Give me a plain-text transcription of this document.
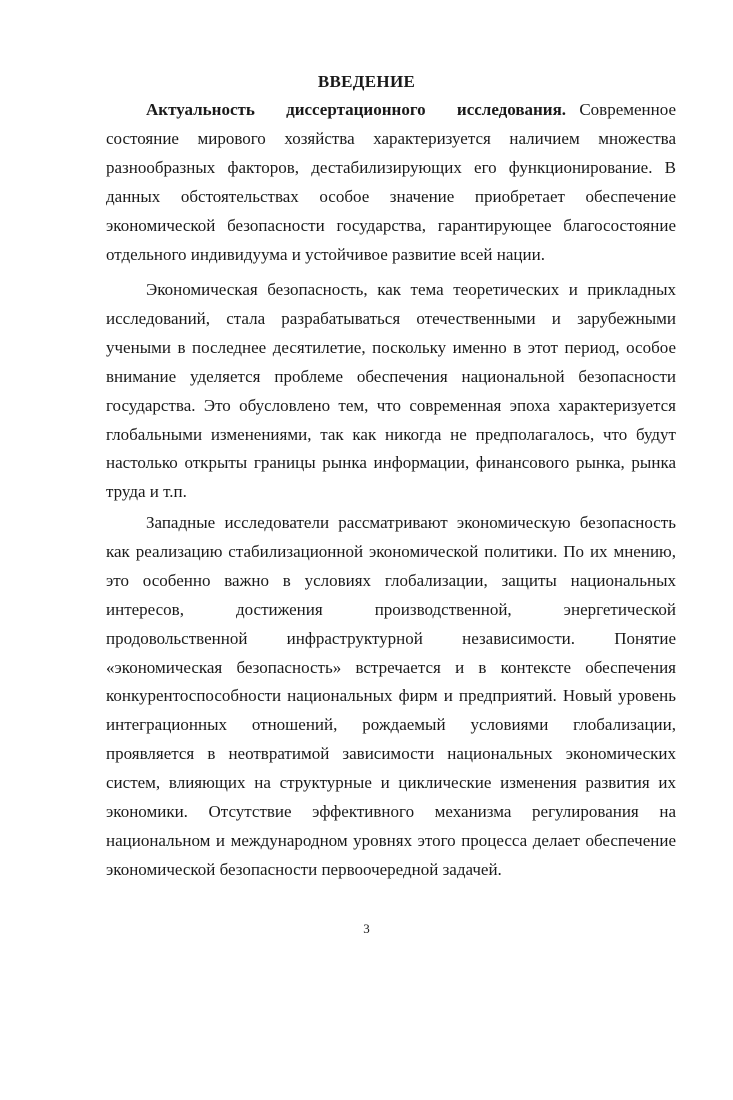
ВВЕДЕНИЕ

Актуальность диссертационного исследования. Современное состояние мирового хозяйства характеризуется наличием множества разнообразных факторов, дестабилизирующих его функционирование. В данных обстоятельствах особое значение приобретает обеспечение экономической безопасности государства, гарантирующее благосостояние отдельного индивидуума и устойчивое развитие всей нации.

Экономическая безопасность, как тема теоретических и прикладных исследований, стала разрабатываться отечественными и зарубежными учеными в последнее десятилетие, поскольку именно в этот период, особое внимание уделяется проблеме обеспечения национальной безопасности государства. Это обусловлено тем, что современная эпоха характеризуется глобальными изменениями, так как никогда не предполагалось, что будут настолько открыты границы рынка информации, финансового рынка, рынка труда и т.п.

Западные исследователи рассматривают экономическую безопасность как реализацию стабилизационной экономической политики. По их мнению, это особенно важно в условиях глобализации, защиты национальных интересов, достижения производственной, энергетической продовольственной инфраструктурной независимости. Понятие «экономическая безопасность» встречается и в контексте обеспечения конкурентоспособности национальных фирм и предприятий. Новый уровень интеграционных отношений, рождаемый условиями глобализации, проявляется в неотвратимой зависимости национальных экономических систем, влияющих на структурные и циклические изменения развития их экономики. Отсутствие эффективного механизма регулирования на национальном и международном уровнях этого процесса делает обеспечение экономической безопасности первоочередной задачей.

3
